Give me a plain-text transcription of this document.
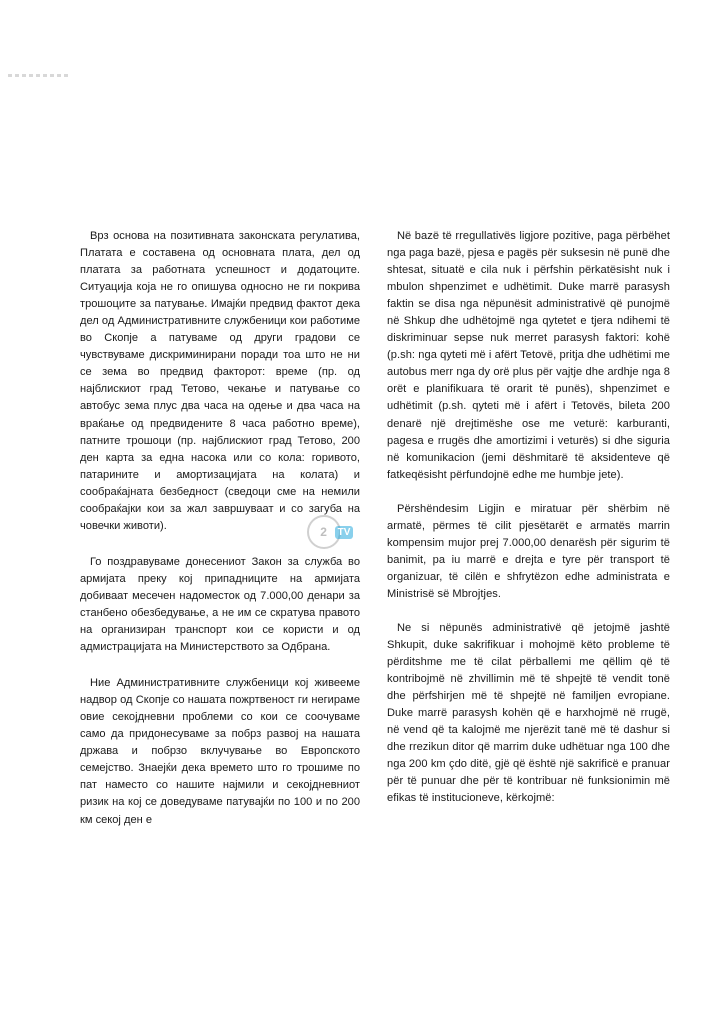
Врз основа на позитивната законската регулатива, Платата е составена од основната плата, дел од платата за работната успешност и додатоците. Ситуација која не го опишува односно не ги покрива трошоците за патување. Имајќи предвид фактот дека дел од Административните службеници кои работиме во Скопје а патуваме од други градови се чувствуваме дискриминирани поради тоа што не ни се зема во предвид факторот: време (пр. од најблискиот град Тетово, чекање и патување со автобус зема плус два часа на одење и два часа на враќање од предвидените 8 часа работно време), патните трошоци (пр. најблискиот град Тетово, 200 ден карта за една насока или со кола: горивото, патарините и амортизацијата на колата) и сообраќајната безбедност (сведоци сме на немили сообраќајки кои за жал завршуваат и со загуба на човечки животи).

Го поздравуваме донесениот Закон за служба во армијата преку кој припадниците на армијата добиваат месечен надоместок од 7.000,00 денари за станбено обезбедување, а не им се скратува правото на организиран транспорт кои се користи и од адмистрацијата на Министерството за Одбрана.

Ние Административните службеници кој живееме надвор од Скопје со нашата пожртвеност ги негираме овие секојдневни проблеми со кои се соочуваме само да придонесуваме за побрз развој на нашата држава и побрзо вклучување во Европското семејство. Знаејќи дека времето што го трошиме по пат наместо со нашите најмили и секојдневниот ризик на кој се доведуваме патувајќи по 100 и по 200 км секој ден е

Në bazë të rregullativës ligjore pozitive, paga përbëhet nga paga bazë, pjesa e pagës për suksesin në punë dhe shtesat, situatë e cila nuk i përfshin përkatësisht nuk i mbulon shpenzimet e udhëtimit. Duke marrë parasysh faktin se disa nga nëpunësit administrativë që punojmë në Shkup dhe udhëtojmë nga qytetet e tjera ndihemi të diskriminuar sepse nuk merret parasysh faktori: kohë (p.sh: nga qyteti më i afërt Tetovë, pritja dhe udhëtimi me autobus merr nga dy orë plus për vajtje dhe ardhje nga 8 orët e planifikuara të orarit të punës), shpenzimet e udhëtimit (p.sh. qyteti më i afërt i Tetovës, bileta 200 denarë një drejtimëshe ose me veturë: karburanti, pagesa e rrugës dhe amortizimi i veturës) si dhe siguria në komunikacion (jemi dëshmitarë të aksidenteve që fatkeqësisht përfundojnë edhe me humbje jete).

Përshëndesim Ligjin e miratuar për shërbim në armatë, përmes të cilit pjesëtarët e armatës marrin kompensim mujor prej 7.000,00 denarësh për sigurim të banimit, pa iu marrë e drejta e tyre për transport të organizuar, të cilën e shfrytëzon edhe administrata e Ministrisë së Mbrojtjes.

Ne si nëpunës administrativë që jetojmë jashtë Shkupit, duke sakrifikuar i mohojmë këto probleme të përditshme me të cilat përballemi me qëllim që të kontribojmë në zhvillimin më të shpejtë të vendit tonë dhe përfshirjen më të shpejtë në familjen evropiane. Duke marrë parasysh kohën që e harxhojmë në rrugë, në vend që ta kalojmë me njerëzit tanë më të dashur si dhe rrezikun ditor që marrim duke udhëtuar nga 100 dhe nga 200 km çdo ditë, gjë që është një sakrificë e pranuar për të punuar dhe për të kontribuar në funksionimin më efikas të institucioneve, kërkojmë:

2	TV
